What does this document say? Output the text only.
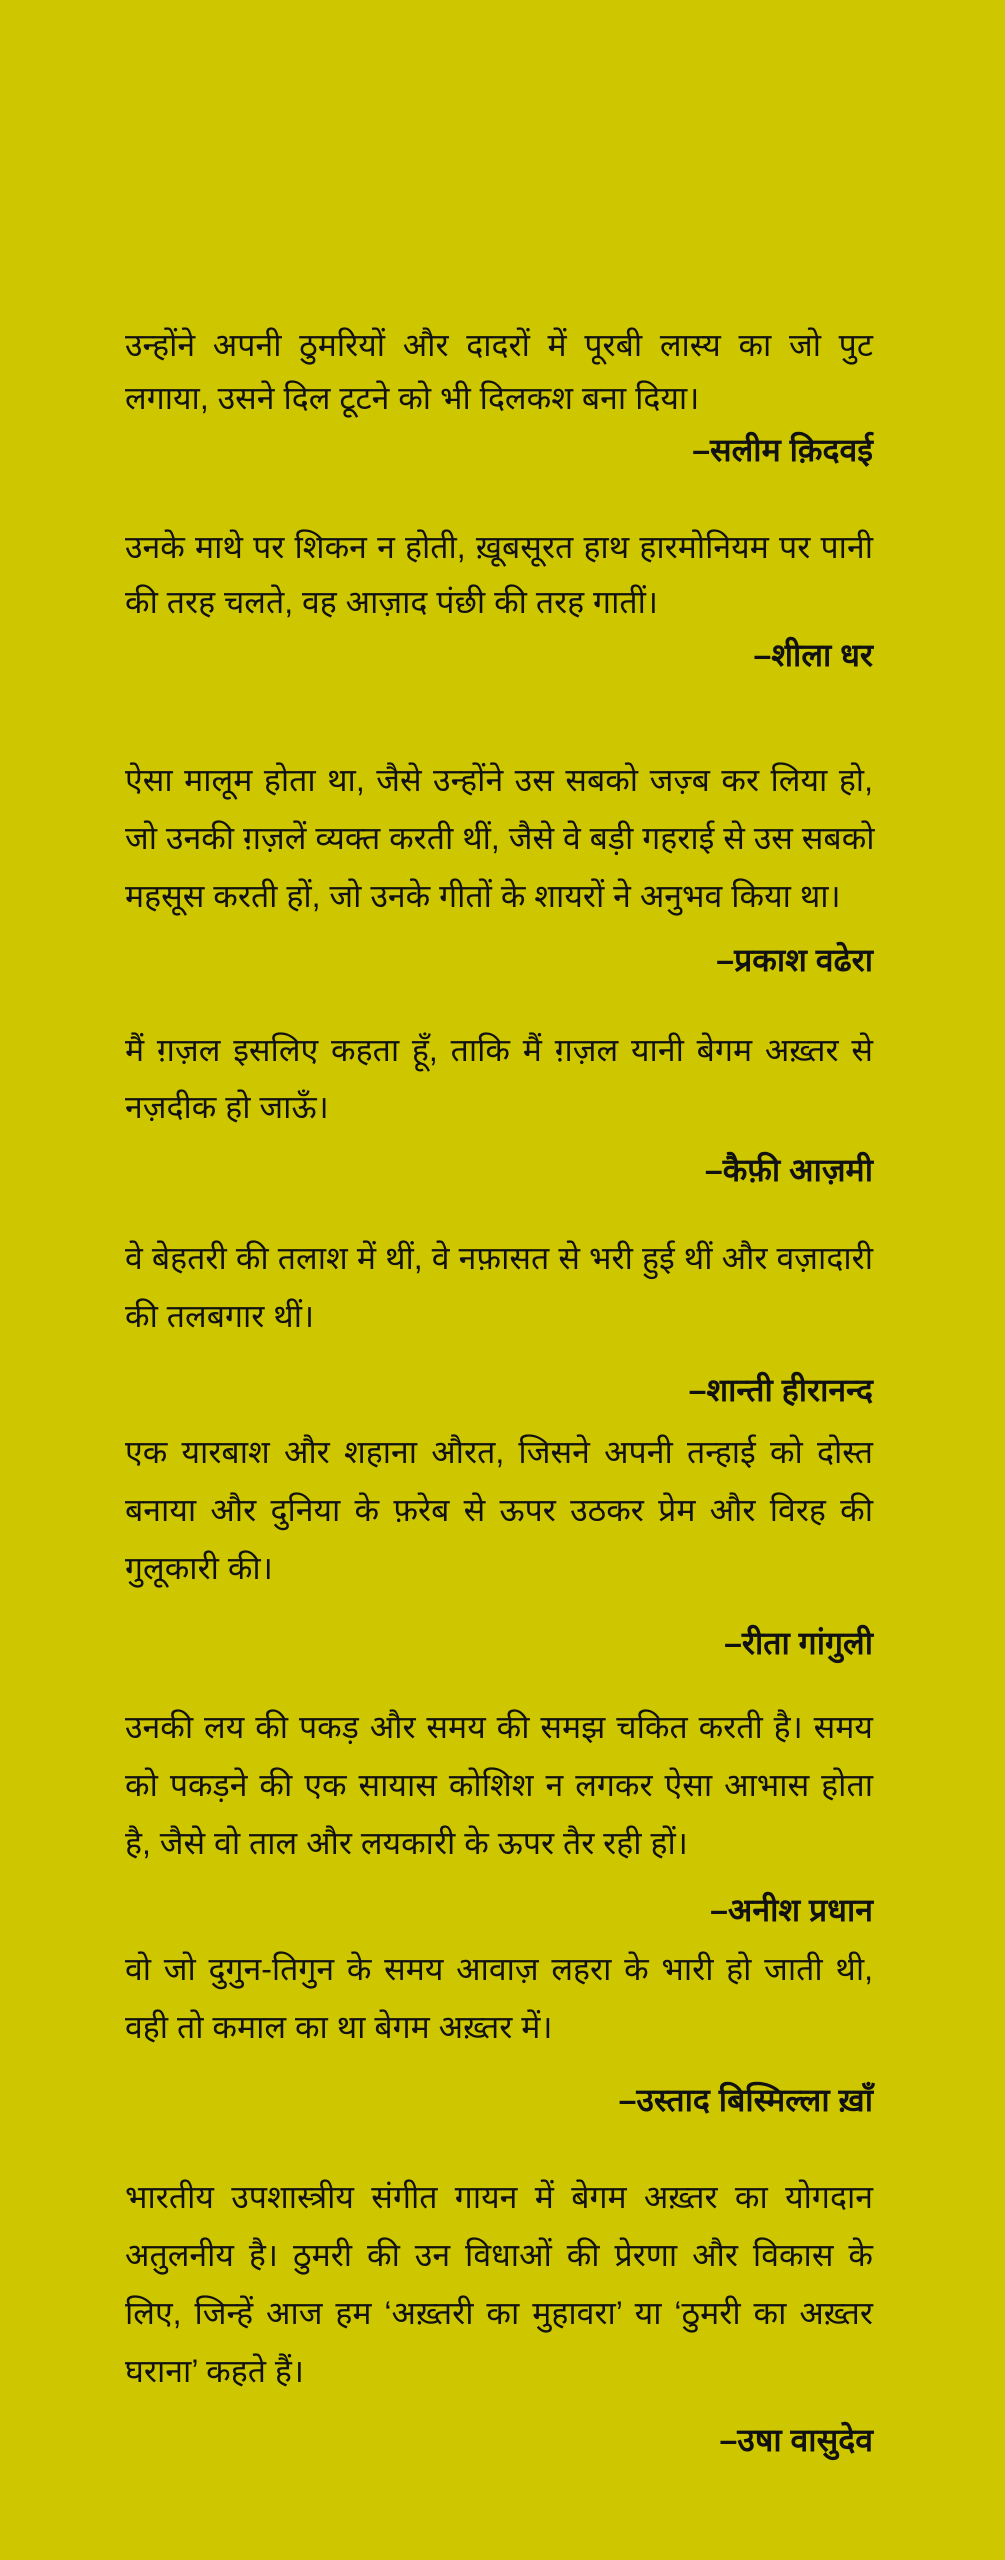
उन्होंने अपनी ठुमरियों और दादरों में पूरबी लास्य का जो पुट
लगाया, उसने दिल टूटने को भी दिलकश बना दिया।
–सलीम क़िदवई
उनके माथे पर शिकन न होती, ख़ूबसूरत हाथ हारमोनियम पर पानी
की तरह चलते, वह आज़ाद पंछी की तरह गातीं।
–शीला धर
ऐसा मालूम होता था, जैसे उन्होंने उस सबको जज़्ब कर लिया हो,
जो उनकी ग़ज़लें व्यक्त करती थीं, जैसे वे बड़ी गहराई से उस सबको
महसूस करती हों, जो उनके गीतों के शायरों ने अनुभव किया था।
–प्रकाश वढेरा
मैं ग़ज़ल इसलिए कहता हूँ, ताकि मैं ग़ज़ल यानी बेगम अख़्तर से
नज़दीक हो जाऊँ।
–कैफ़ी आज़मी
वे बेहतरी की तलाश में थीं, वे नफ़ासत से भरी हुई थीं और वज़ादारी
की तलबगार थीं।
–शान्ती हीरानन्द
एक यारबाश और शहाना औरत, जिसने अपनी तन्हाई को दोस्त
बनाया और दुनिया के फ़रेब से ऊपर उठकर प्रेम और विरह की
गुलूकारी की।
–रीता गांगुली
उनकी लय की पकड़ और समय की समझ चकित करती है। समय
को पकड़ने की एक सायास कोशिश न लगकर ऐसा आभास होता
है, जैसे वो ताल और लयकारी के ऊपर तैर रही हों।
–अनीश प्रधान
वो जो दुगुन-तिगुन के समय आवाज़ लहरा के भारी हो जाती थी,
वही तो कमाल का था बेगम अख़्तर में।
–उस्ताद बिस्मिल्ला ख़ाँ
भारतीय उपशास्त्रीय संगीत गायन में बेगम अख़्तर का योगदान
अतुलनीय है। ठुमरी की उन विधाओं की प्रेरणा और विकास के
लिए, जिन्हें आज हम ‘अख़्तरी का मुहावरा’ या ‘ठुमरी का अख़्तर
घराना’ कहते हैं।
–उषा वासुदेव
